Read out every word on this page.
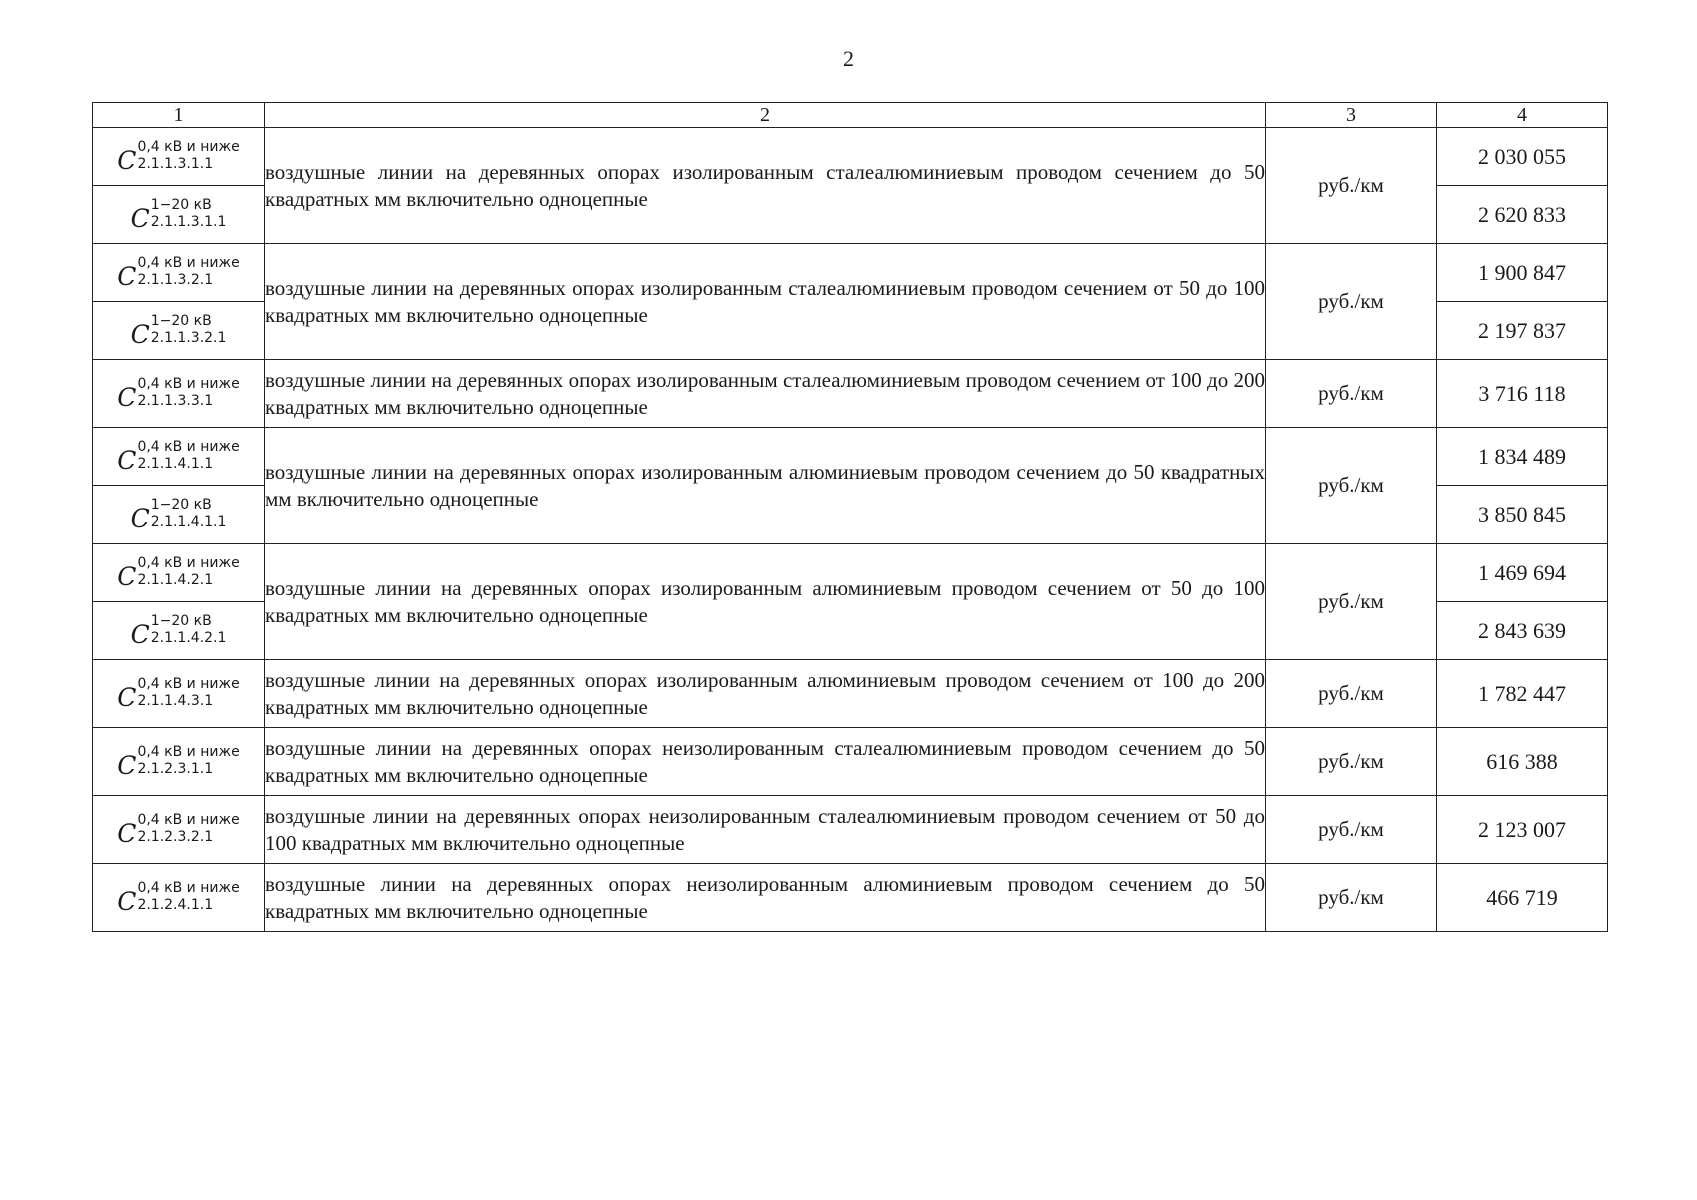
2
1	2	3	4

C 0,4 кВ и ниже
2.1.1.3.1.1	воздушные линии на деревянных опорах изолированным сталеалюминиевым проводом сечением до 50 квадратных мм включительно одноцепные	руб./км	2 030 055

C 1−20 кВ
2.1.1.3.1.1			2 620 833

C 0,4 кВ и ниже
2.1.1.3.2.1	воздушные линии на деревянных опорах изолированным сталеалюминиевым проводом сечением от 50 до 100 квадратных мм включительно одноцепные	руб./км	1 900 847

C 1−20 кВ
2.1.1.3.2.1			2 197 837

C 0,4 кВ и ниже
2.1.1.3.3.1	воздушные линии на деревянных опорах изолированным сталеалюминиевым проводом сечением от 100 до 200 квадратных мм включительно одноцепные	руб./км	3 716 118

C 0,4 кВ и ниже
2.1.1.4.1.1	воздушные линии на деревянных опорах изолированным алюминиевым проводом сечением до 50 квадратных мм включительно одноцепные	руб./км	1 834 489

C 1−20 кВ
2.1.1.4.1.1			3 850 845

C 0,4 кВ и ниже
2.1.1.4.2.1	воздушные линии на деревянных опорах изолированным алюминиевым проводом сечением от 50 до 100 квадратных мм включительно одноцепные	руб./км	1 469 694

C 1−20 кВ
2.1.1.4.2.1			2 843 639

C 0,4 кВ и ниже
2.1.1.4.3.1	воздушные линии на деревянных опорах изолированным алюминиевым проводом сечением от 100 до 200 квадратных мм включительно одноцепные	руб./км	1 782 447

C 0,4 кВ и ниже
2.1.2.3.1.1	воздушные линии на деревянных опорах неизолированным сталеалюминиевым проводом сечением до 50 квадратных мм включительно одноцепные	руб./км	616 388

C 0,4 кВ и ниже
2.1.2.3.2.1	воздушные линии на деревянных опорах неизолированным сталеалюминиевым проводом сечением от 50 до 100 квадратных мм включительно одноцепные	руб./км	2 123 007

C 0,4 кВ и ниже
2.1.2.4.1.1	воздушные линии на деревянных опорах неизолированным алюминиевым проводом сечением до 50 квадратных мм включительно одноцепные	руб./км	466 719
